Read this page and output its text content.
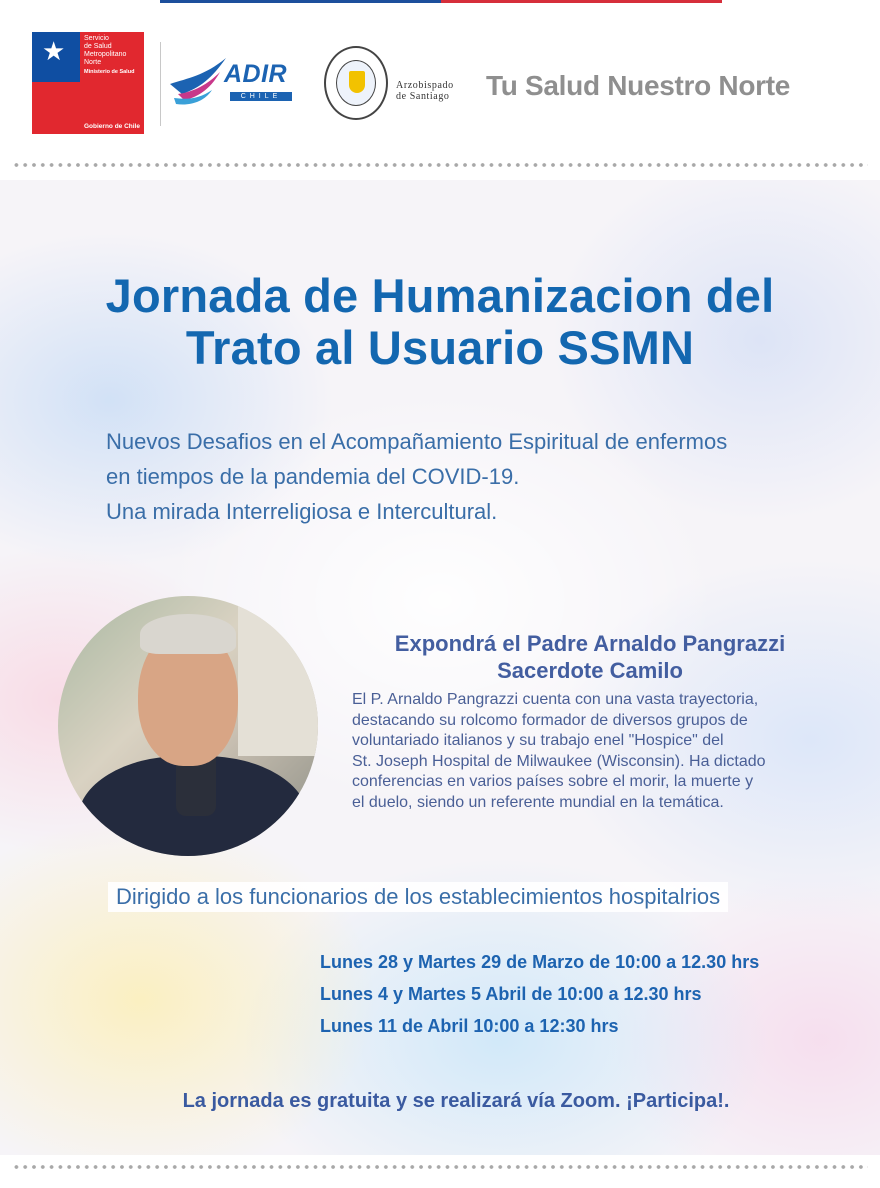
★	Servicio
de Salud
Metropolitano
Norte
Ministerio de Salud
Gobierno de Chile
ADIR
CHILE
Arzobispado
de Santiago Tu Salud Nuestro Norte
Jornada de Humanizacion del
Trato al Usuario SSMN
Nuevos Desafios en el Acompañamiento Espiritual de enfermos
en tiempos de la pandemia del COVID-19.
Una mirada Interreligiosa e Intercultural.
Expondrá el Padre Arnaldo Pangrazzi
Sacerdote Camilo
El P. Arnaldo Pangrazzi cuenta con una vasta trayectoria,
destacando su rolcomo formador de diversos grupos de
voluntariado italianos y su trabajo enel "Hospice" del
St. Joseph Hospital de Milwaukee (Wisconsin). Ha dictado
conferencias en varios países sobre el morir, la muerte y
el duelo, siendo un referente mundial en la temática.
Dirigido a los funcionarios de los establecimientos hospitalrios
Lunes 28 y Martes 29 de Marzo de 10:00 a 12.30 hrs
Lunes 4 y Martes 5 Abril de 10:00 a 12.30 hrs
Lunes 11 de Abril 10:00 a 12:30 hrs
La jornada es gratuita y se realizará vía Zoom. ¡Participa!.
